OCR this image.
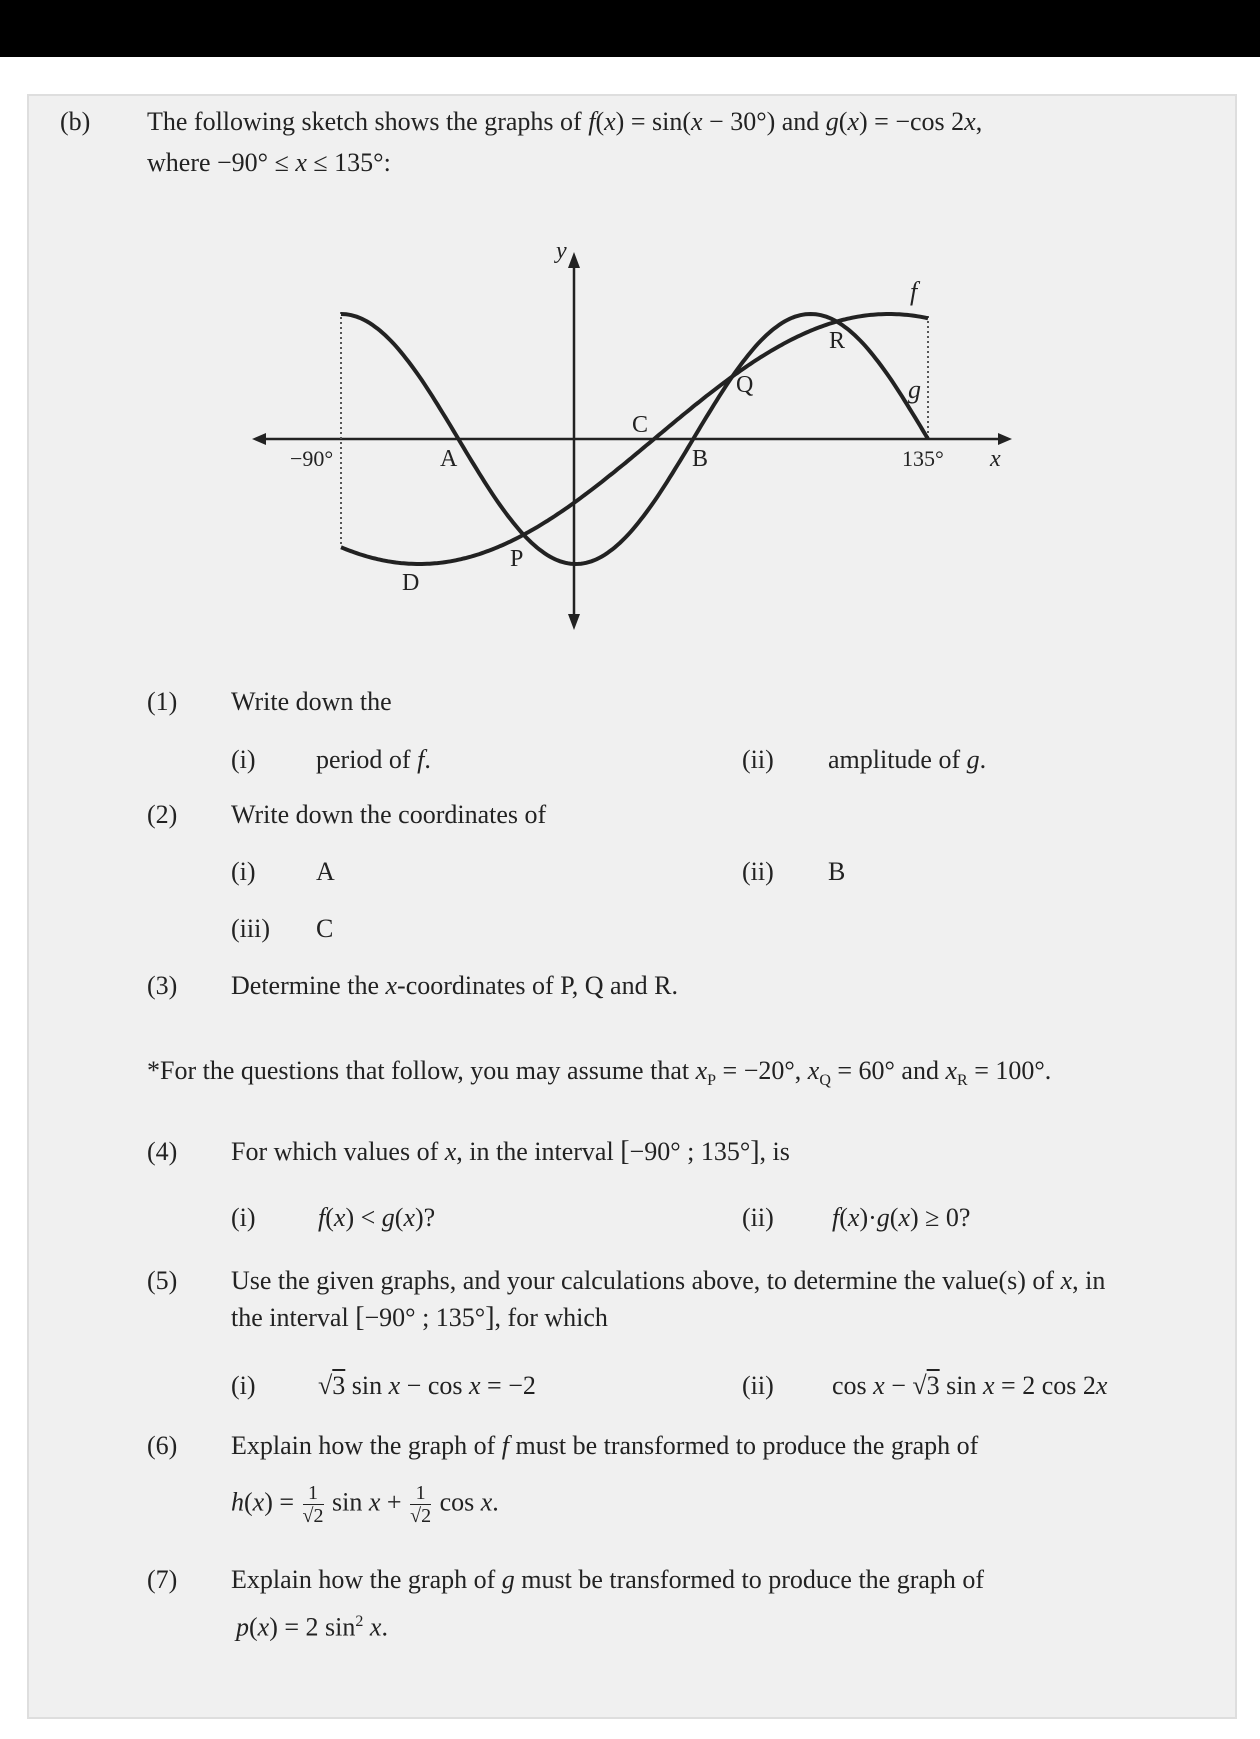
(b) The following sketch shows the graphs of f(x) = sin(x − 30°) and g(x) = −cos 2x,
where −90° ≤ x ≤ 135°:
y
x
−90°	135°
f
g
A	B
C
D
P
Q
R
(1) Write down the
(i) period of f.	(ii) amplitude of g.
(2) Write down the coordinates of
(i) A	(ii) B
(iii) C
(3) Determine the x-coordinates of P, Q and R.
*For the questions that follow, you may assume that $x_P = -20^\circ$, $x_Q = 60^\circ$ and $x_R = 100^\circ$.
(4) For which values of x, in the interval [−90° ; 135°], is
(i) f(x) < g(x)?	(ii) f(x)·g(x) ≥ 0?
(5) Use the given graphs, and your calculations above, to determine the value(s) of x, in
the interval [−90° ; 135°], for which
(i) √3 sin x − cos x = −2	(ii) cos x − √3 sin x = 2 cos 2x
(6) Explain how the graph of f must be transformed to produce the graph of
$h(x) = \frac{1}{√2}$ $\sin x + \frac{1}{√2}$ cos x.
(7) Explain how the graph of g must be transformed to produce the graph of
p(x) = 2 $\sin^2 x$.
